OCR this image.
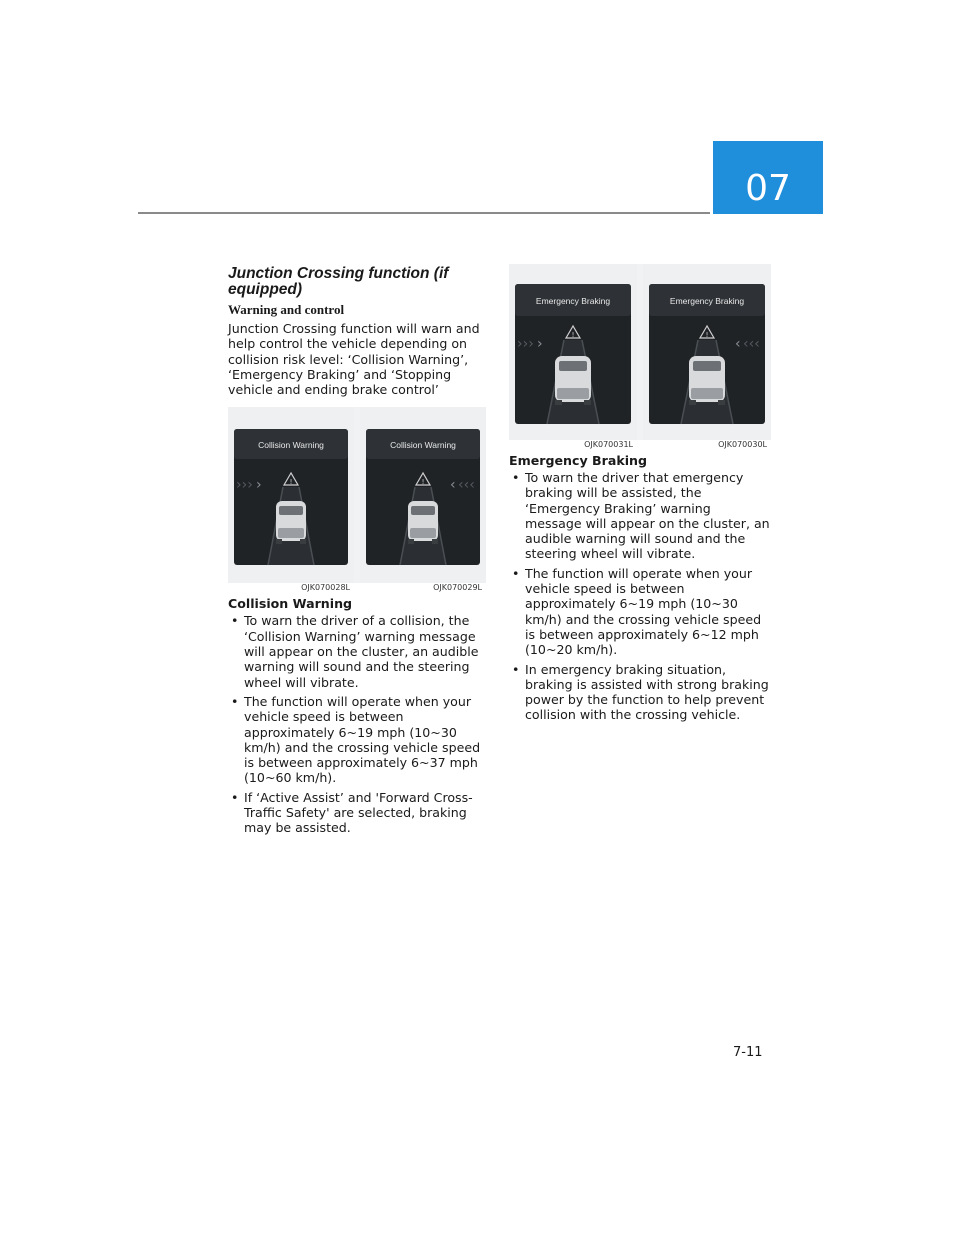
07
Junction Crossing function (if equipped)
Warning and control

Junction Crossing function will warn and help control the vehicle depending on collision risk level: ‘Collision Warning’, ‘Emergency Braking’ and ‘Stopping vehicle and ending brake control’

Collision Warning
!
››› ›
Collision Warning
! ‹ ‹‹‹
OJK070028L	OJK070029L
Collision Warning
• To warn the driver of a collision, the ‘Collision Warning’ warning message will appear on the cluster, an audible warning will sound and the steering wheel will vibrate.
• The function will operate when your vehicle speed is between approximately 6~19 mph (10~30 km/h) and the crossing vehicle speed is between approximately 6~37 mph (10~60 km/h).
• If ‘Active Assist’ and 'Forward Cross-Traffic Safety' are selected, braking may be assisted.
Emergency Braking
!
››› ›
Emergency Braking
!
‹ ‹‹‹
OJK070031L	OJK070030L
Emergency Braking
• To warn the driver that emergency braking will be assisted, the ‘Emergency Braking’ warning message will appear on the cluster, an audible warning will sound and the steering wheel will vibrate.
• The function will operate when your vehicle speed is between approximately 6~19 mph (10~30 km/h) and the crossing vehicle speed is between approximately 6~12 mph (10~20 km/h).
• In emergency braking situation, braking is assisted with strong braking power by the function to help prevent collision with the crossing vehicle.
7-11
